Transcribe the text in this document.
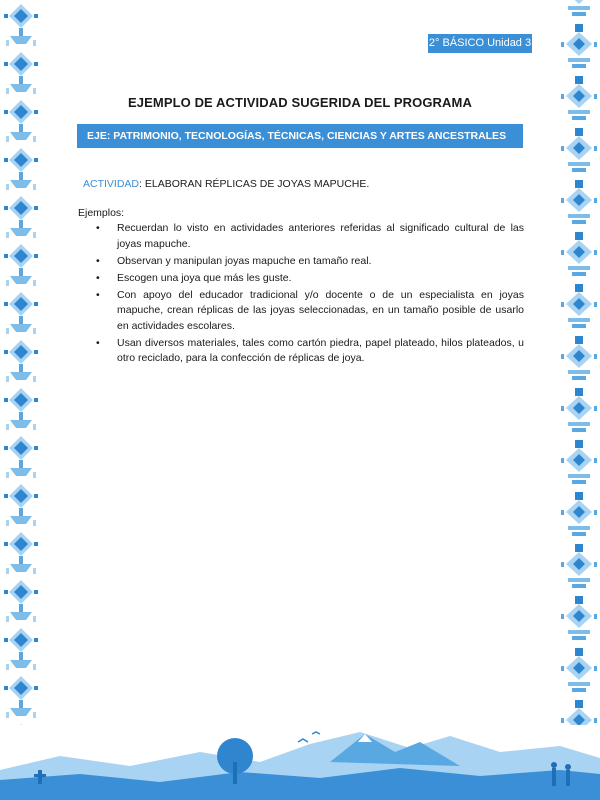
2° BÁSICO Unidad 3
EJEMPLO DE ACTIVIDAD SUGERIDA DEL PROGRAMA
EJE: PATRIMONIO, TECNOLOGÍAS, TÉCNICAS, CIENCIAS Y ARTES ANCESTRALES
ACTIVIDAD: ELABORAN RÉPLICAS DE JOYAS MAPUCHE.
Ejemplos:
• Recuerdan lo visto en actividades anteriores referidas al significado cultural de las joyas mapuche.
• Observan y manipulan joyas mapuche en tamaño real.
• Escogen una joya que más les guste.
• Con apoyo del educador tradicional y/o docente o de un especialista en joyas mapuche, crean réplicas de las joyas seleccionadas, en un tamaño posible de usarlo en actividades escolares.
• Usan diversos materiales, tales como cartón piedra, papel plateado, hilos plateados, u otro reciclado, para la confección de réplicas de joya.
